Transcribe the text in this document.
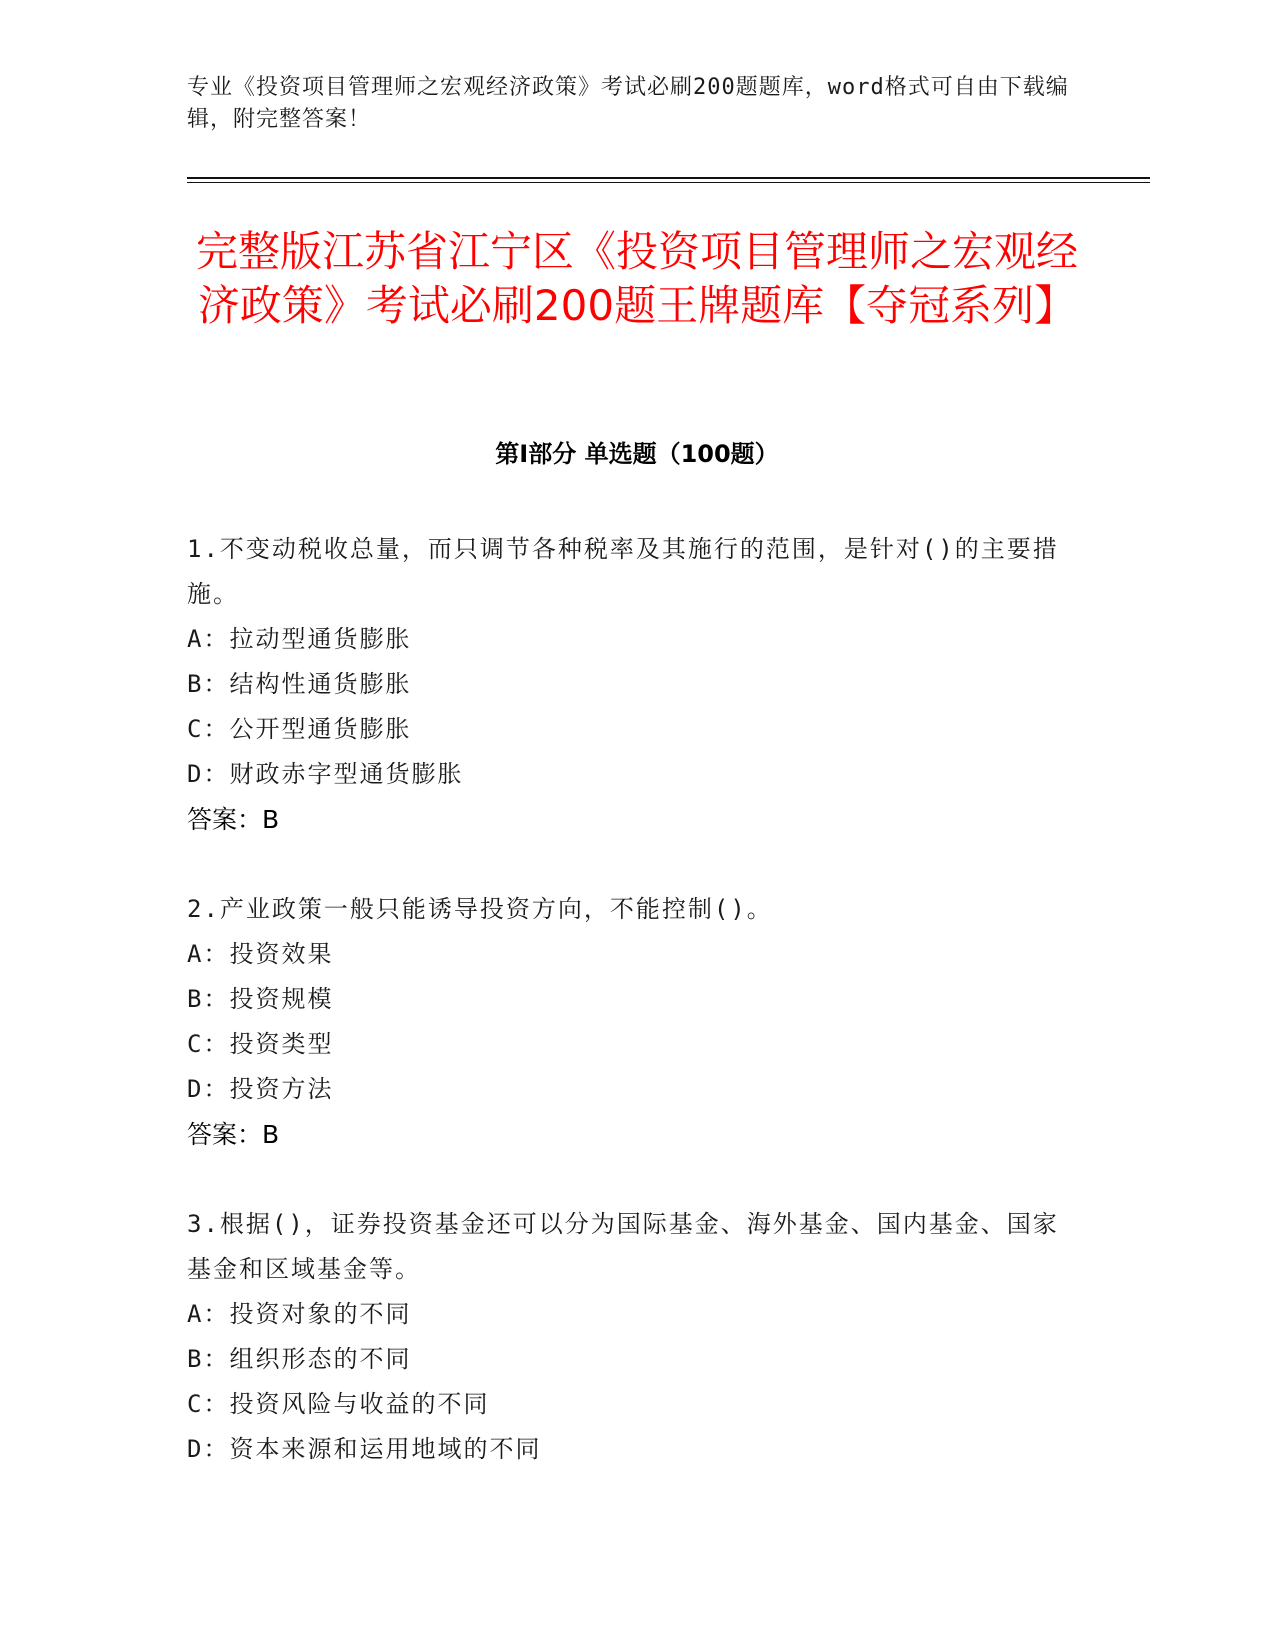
专业《投资项目管理师之宏观经济政策》考试必刷200题题库，word格式可自由下载编辑，附完整答案！
完整版江苏省江宁区《投资项目管理师之宏观经济政策》考试必刷200题王牌题库【夺冠系列】
第Ⅰ部分 单选题（100题）

1.不变动税收总量，而只调节各种税率及其施行的范围，是针对()的主要措施。

A：拉动型通货膨胀

B：结构性通货膨胀

C：公开型通货膨胀

D：财政赤字型通货膨胀

答案：B

2.产业政策一般只能诱导投资方向，不能控制()。

A：投资效果

B：投资规模

C：投资类型

D：投资方法

答案：B

3.根据()，证券投资基金还可以分为国际基金、海外基金、国内基金、国家基金和区域基金等。

A：投资对象的不同

B：组织形态的不同

C：投资风险与收益的不同

D：资本来源和运用地域的不同
